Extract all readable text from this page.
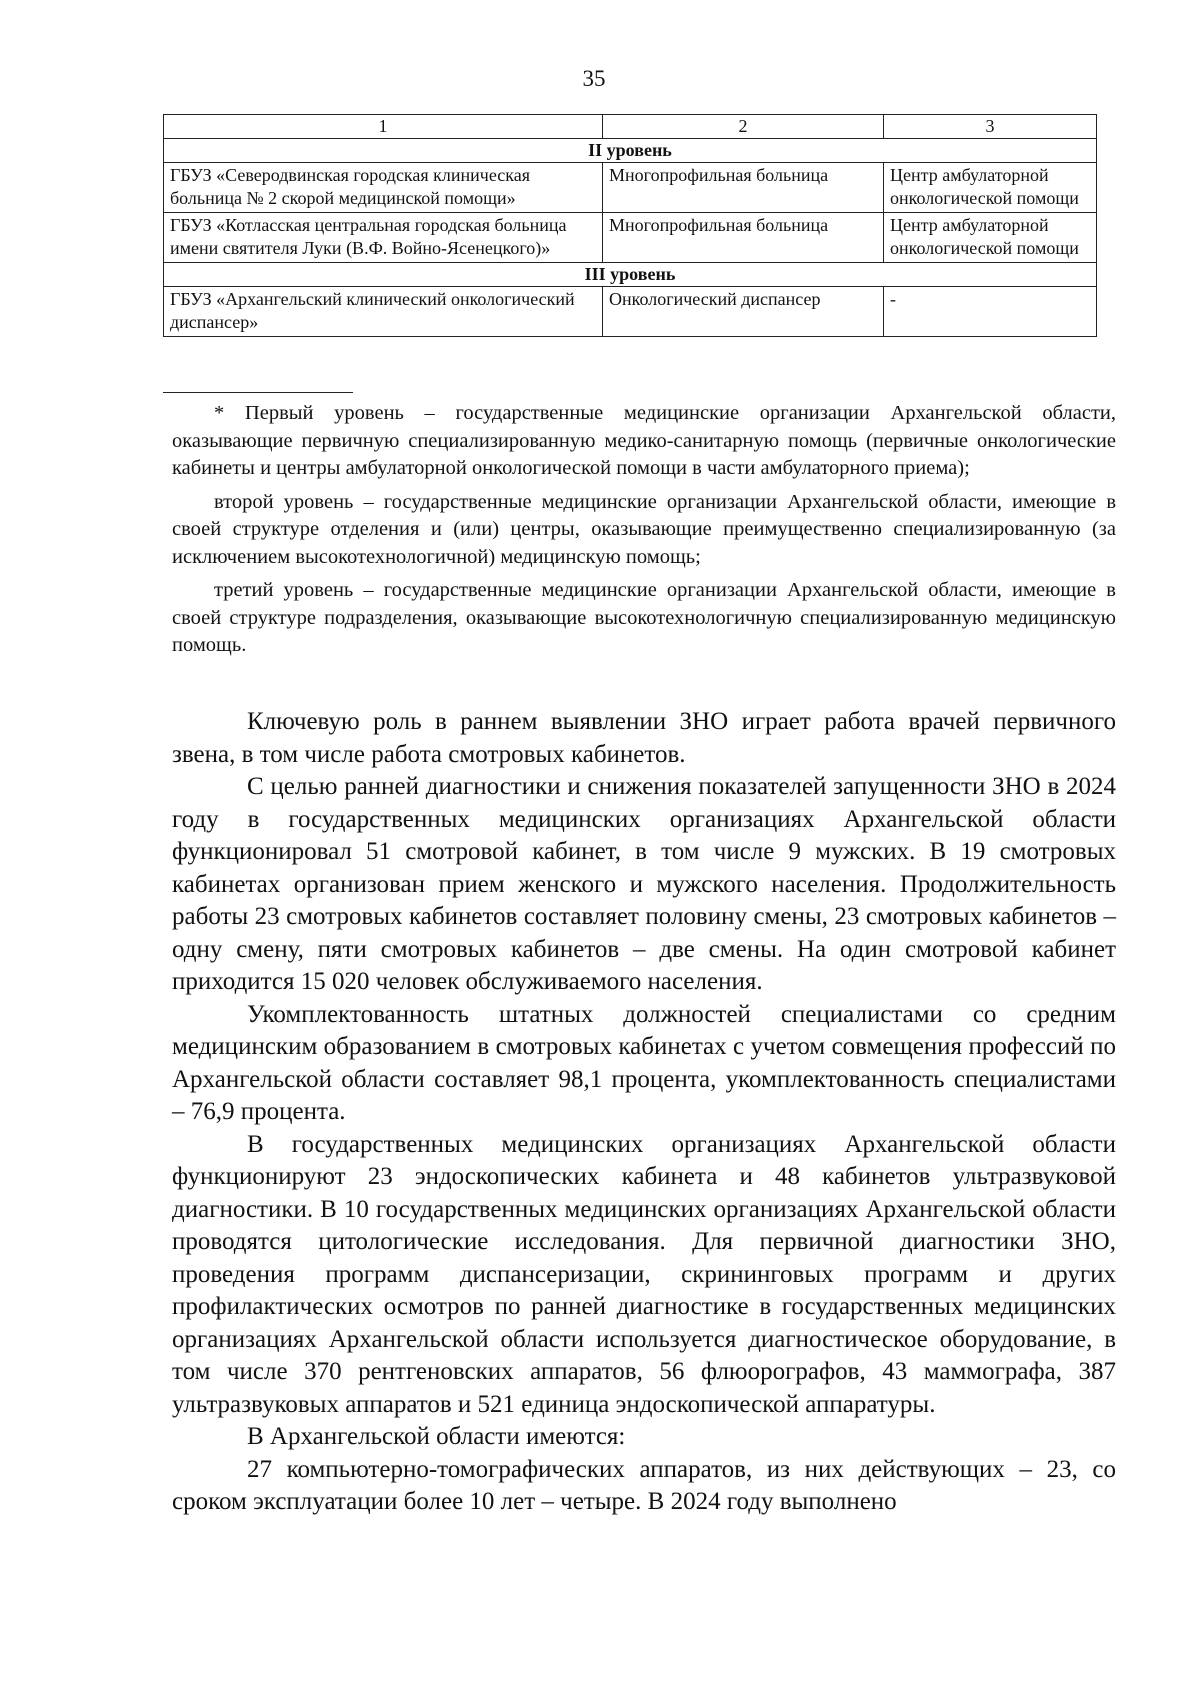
35
1	2	3
II уровень		
ГБУЗ «Северодвинская городская клиническая больница № 2 скорой медицинской помощи»	Многопрофильная больница	Центр амбулаторной онкологической помощи
ГБУЗ «Котласская центральная городская больница имени святителя Луки (В.Ф. Войно-Ясенецкого)»	Многопрофильная больница	Центр амбулаторной онкологической помощи
III уровень		
ГБУЗ «Архангельский клинический онкологический диспансер»	Онкологический диспансер	-

* Первый уровень – государственные медицинские организации Архангельской области, оказывающие первичную специализированную медико-санитарную помощь (первичные онкологические кабинеты и центры амбулаторной онкологической помощи в части амбулаторного приема);

второй уровень – государственные медицинские организации Архангельской области, имеющие в своей структуре отделения и (или) центры, оказывающие преимущественно специализированную (за исключением высокотехнологичной) медицинскую помощь;

третий уровень – государственные медицинские организации Архангельской области, имеющие в своей структуре подразделения, оказывающие высокотехнологичную специализированную медицинскую помощь.

Ключевую роль в раннем выявлении ЗНО играет работа врачей первичного звена, в том числе работа смотровых кабинетов.

С целью ранней диагностики и снижения показателей запущенности ЗНО в 2024 году в государственных медицинских организациях Архангельской области функционировал 51 смотровой кабинет, в том числе 9 мужских. В 19 смотровых кабинетах организован прием женского и мужского населения. Продолжительность работы 23 смотровых кабинетов составляет половину смены, 23 смотровых кабинетов – одну смену, пяти смотровых кабинетов – две смены. На один смотровой кабинет приходится 15 020 человек обслуживаемого населения.

Укомплектованность штатных должностей специалистами со средним медицинским образованием в смотровых кабинетах с учетом совмещения профессий по Архангельской области составляет 98,1 процента, укомплектованность специалистами – 76,9 процента.

В государственных медицинских организациях Архангельской области функционируют 23 эндоскопических кабинета и 48 кабинетов ультразвуковой диагностики. В 10 государственных медицинских организациях Архангельской области проводятся цитологические исследования. Для первичной диагностики ЗНО, проведения программ диспансеризации, скрининговых программ и других профилактических осмотров по ранней диагностике в государственных медицинских организациях Архангельской области используется диагностическое оборудование, в том числе 370 рентгеновских аппаратов, 56 флюорографов, 43 маммографа, 387 ультразвуковых аппаратов и 521 единица эндоскопической аппаратуры.

В Архангельской области имеются:

27 компьютерно-томографических аппаратов, из них действующих – 23, со сроком эксплуатации более 10 лет – четыре. В 2024 году выполнено
